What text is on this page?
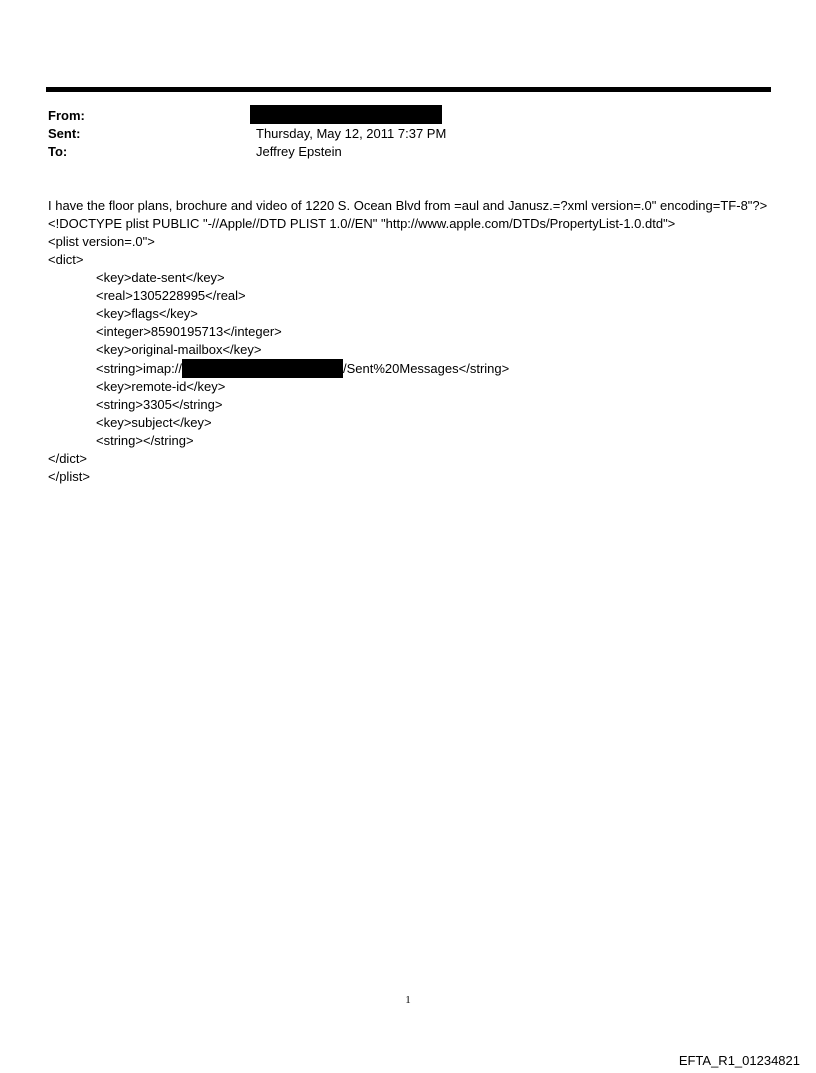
From:
Sent:	Thursday, May 12, 2011 7:37 PM
To:	Jeffrey Epstein

I have the floor plans, brochure and video of 1220 S. Ocean Blvd from =aul and Janusz.=?xml version=.0" encoding=TF-8"?> <!DOCTYPE plist PUBLIC "-//Apple//DTD PLIST 1.0//EN" "http://www.apple.com/DTDs/PropertyList-1.0.dtd">

<plist version=.0">

<dict>

<key>date-sent</key>

<real>1305228995</real>

<key>flags</key>

<integer>8590195713</integer>

<key>original-mailbox</key>

<string>imap://	/Sent%20Messages</string>

<key>remote-id</key>

<string>3305</string>

<key>subject</key>

<string></string>

</dict>

</plist>

1
EFTA_R1_01234821
